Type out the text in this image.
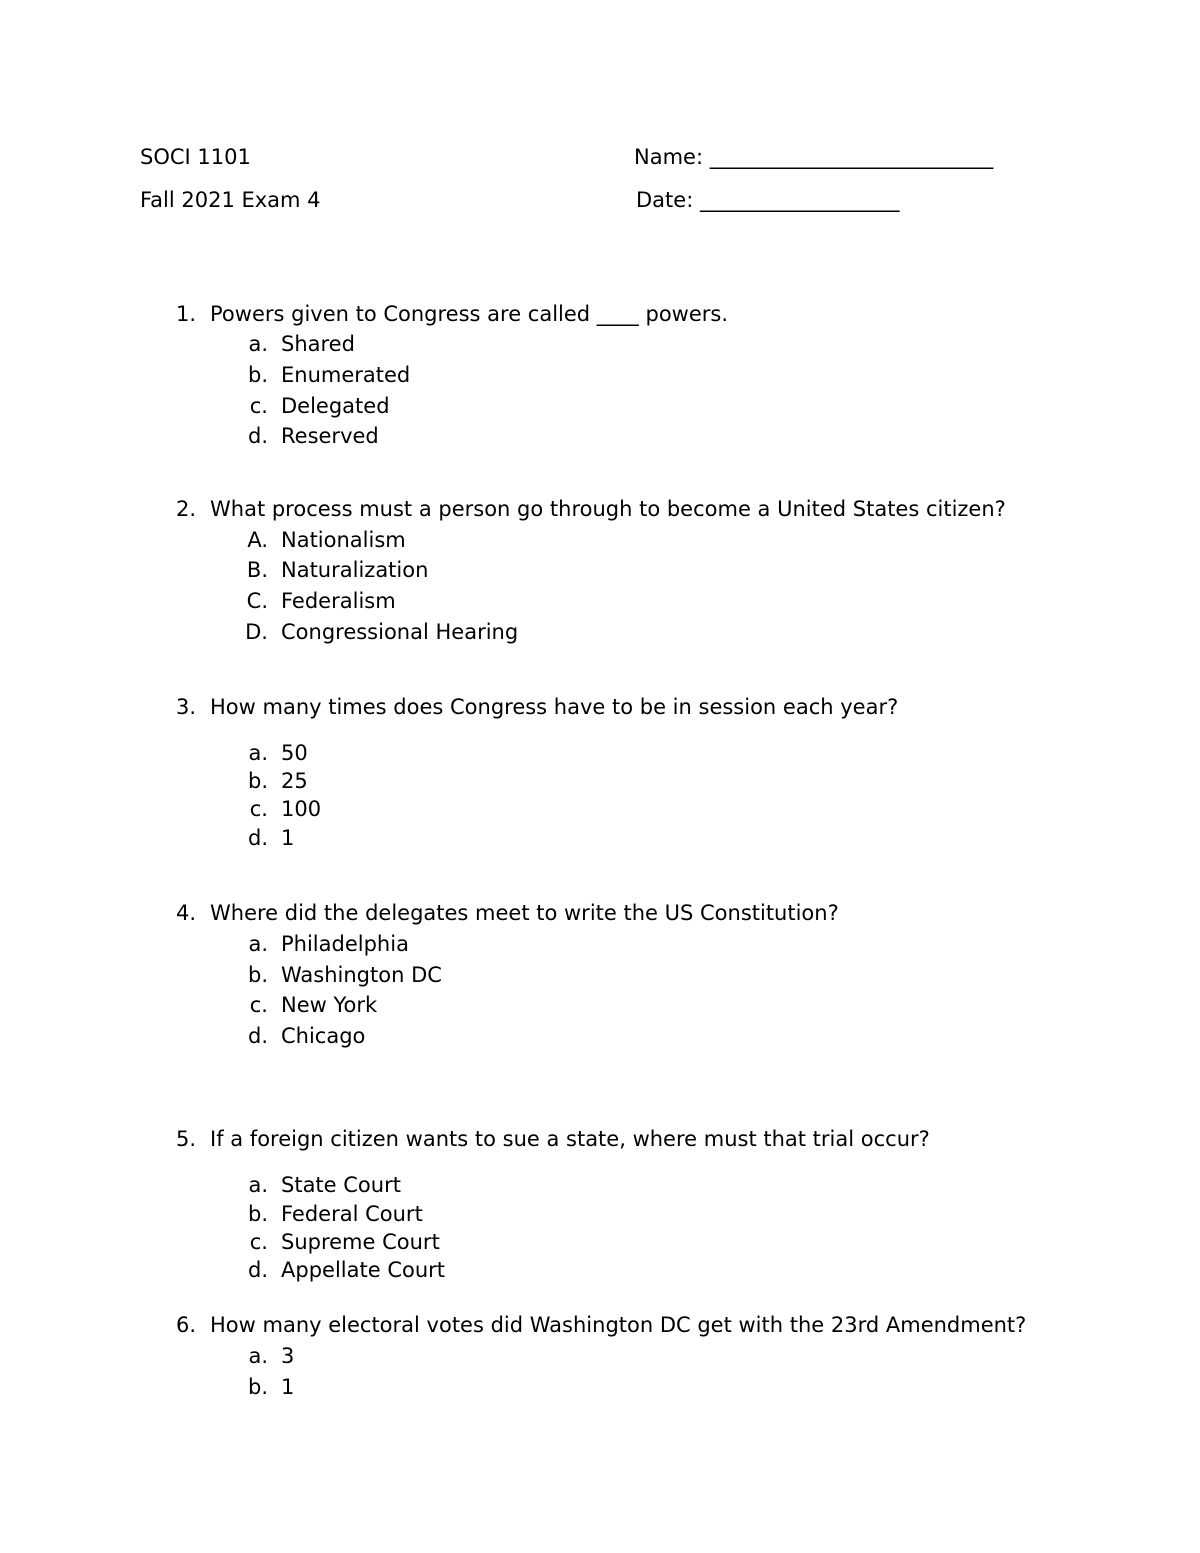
SOCI 1101
Fall 2021 Exam 4
Name: ___________________________
Date: ___________________
1. Powers given to Congress are called ____ powers.
a. Shared
b. Enumerated
c. Delegated
d. Reserved
2. What process must a person go through to become a United States citizen?
A. Nationalism
B. Naturalization
C. Federalism
D. Congressional Hearing
3. How many times does Congress have to be in session each year?
a. 50
b. 25
c. 100
d. 1
4. Where did the delegates meet to write the US Constitution?
a. Philadelphia
b. Washington DC
c. New York
d. Chicago
5. If a foreign citizen wants to sue a state, where must that trial occur?
a. State Court
b. Federal Court
c. Supreme Court
d. Appellate Court
6. How many electoral votes did Washington DC get with the 23rd Amendment?
a. 3
b. 1
